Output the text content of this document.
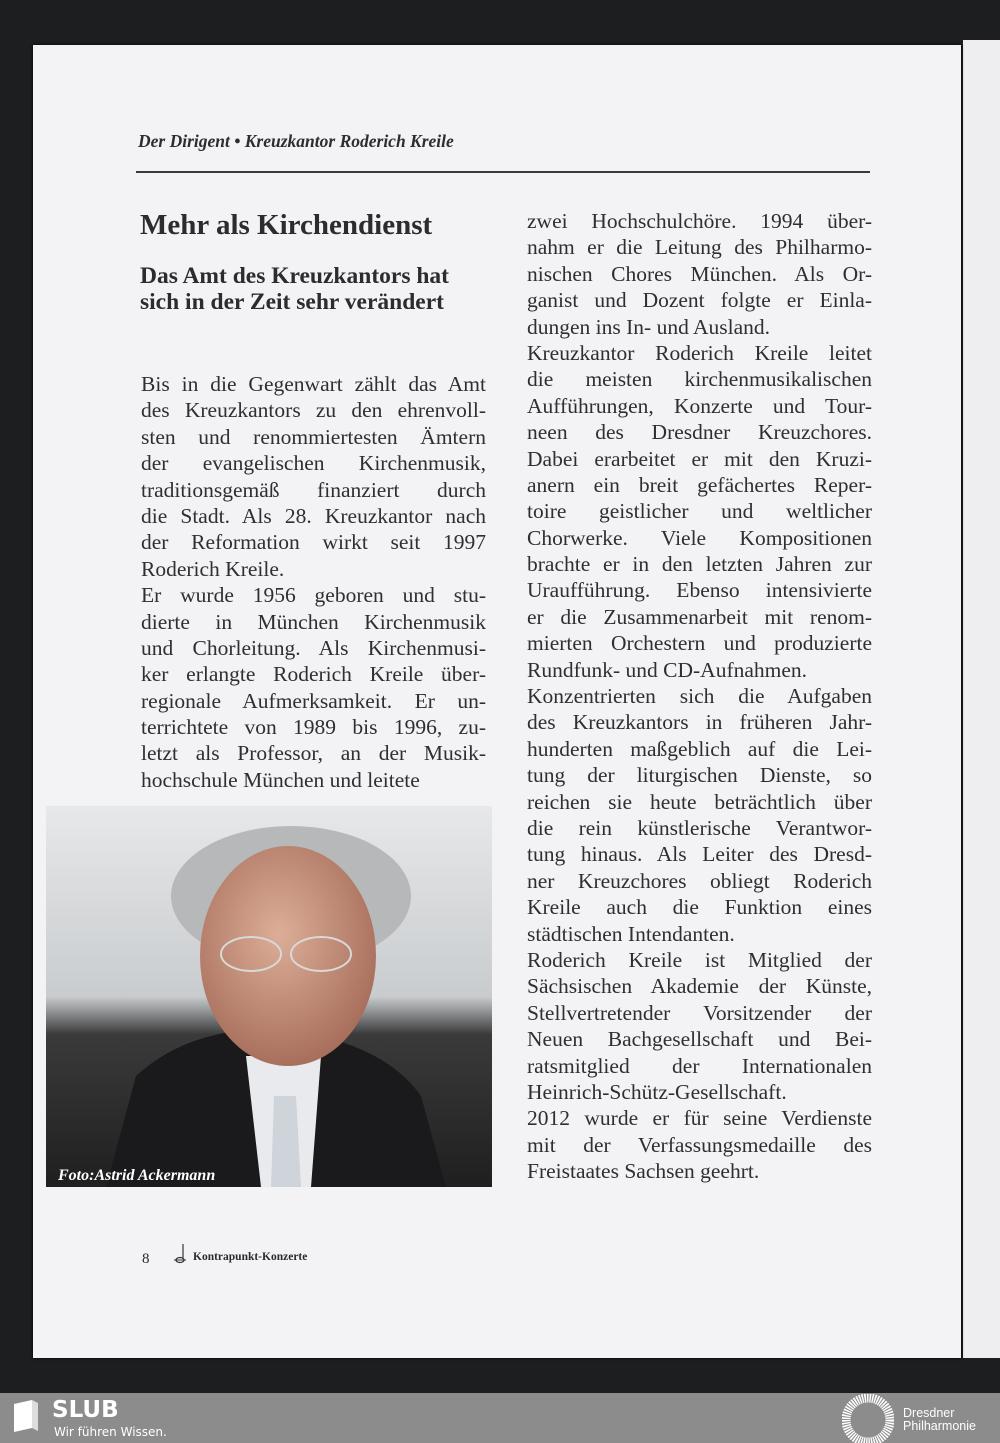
Der Dirigent • Kreuzkantor Roderich Kreile
Mehr als Kirchendienst
Das Amt des Kreuzkantors hat
sich in der Zeit sehr verändert
Bis in die Gegenwart zählt das Amt
des Kreuzkantors zu den ehrenvoll-
sten und renommiertesten Ämtern
der evangelischen Kirchenmusik,
traditionsgemäß finanziert durch
die Stadt. Als 28. Kreuzkantor nach
der Reformation wirkt seit 1997
Roderich Kreile.
Er wurde 1956 geboren und stu-
dierte in München Kirchenmusik
und Chorleitung. Als Kirchenmusi-
ker erlangte Roderich Kreile über-
regionale Aufmerksamkeit. Er un-
terrichtete von 1989 bis 1996, zu-
letzt als Professor, an der Musik-
hochschule München und leitete
zwei Hochschulchöre. 1994 über-
nahm er die Leitung des Philharmo-
nischen Chores München. Als Or-
ganist und Dozent folgte er Einla-
dungen ins In- und Ausland.
Kreuzkantor Roderich Kreile leitet
die meisten kirchenmusikalischen
Aufführungen, Konzerte und Tour-
neen des Dresdner Kreuzchores.
Dabei erarbeitet er mit den Kruzi-
anern ein breit gefächertes Reper-
toire geistlicher und weltlicher
Chorwerke. Viele Kompositionen
brachte er in den letzten Jahren zur
Uraufführung. Ebenso intensivierte
er die Zusammenarbeit mit renom-
mierten Orchestern und produzierte
Rundfunk- und CD-Aufnahmen.
Konzentrierten sich die Aufgaben
des Kreuzkantors in früheren Jahr-
hunderten maßgeblich auf die Lei-
tung der liturgischen Dienste, so
reichen sie heute beträchtlich über
die rein künstlerische Verantwor-
tung hinaus. Als Leiter des Dresd-
ner Kreuzchores obliegt Roderich
Kreile auch die Funktion eines
städtischen Intendanten.
Roderich Kreile ist Mitglied der
Sächsischen Akademie der Künste,
Stellvertretender Vorsitzender der
Neuen Bachgesellschaft und Bei-
ratsmitglied der Internationalen
Heinrich-Schütz-Gesellschaft.
2012 wurde er für seine Verdienste
mit der Verfassungsmedaille des
Freistaates Sachsen geehrt.
Foto:Astrid Ackermann
8	Kontrapunkt-Konzerte
SLUB
Wir führen Wissen.
Dresdner
Philharmonie
